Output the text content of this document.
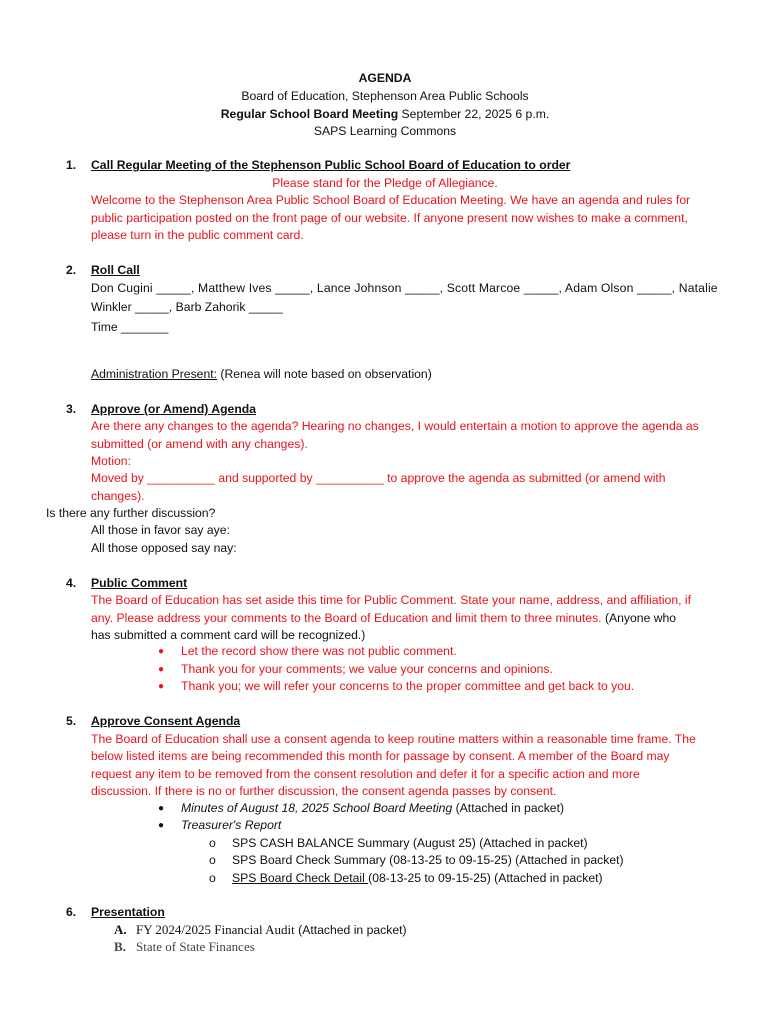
AGENDA
Board of Education, Stephenson Area Public Schools
Regular School Board Meeting September 22, 2025 6 p.m.
SAPS Learning Commons
1. Call Regular Meeting of the Stephenson Public School Board of Education to order
Please stand for the Pledge of Allegiance.
Welcome to the Stephenson Area Public School Board of Education Meeting. We have an agenda and rules for
public participation posted on the front page of our website. If anyone present now wishes to make a comment,
please turn in the public comment card.
2. Roll Call
Don Cugini _____, Matthew Ives _____, Lance Johnson _____, Scott Marcoe _____, Adam Olson _____, Natalie
Winkler _____, Barb Zahorik _____
Time _______
Administration Present: (Renea will note based on observation)
3. Approve (or Amend) Agenda
Are there any changes to the agenda? Hearing no changes, I would entertain a motion to approve the agenda as
submitted (or amend with any changes).
Motion:
Moved by __________ and supported by __________ to approve the agenda as submitted (or amend with
changes).
Is there any further discussion?
All those in favor say aye:
All those opposed say nay:
4. Public Comment
The Board of Education has set aside this time for Public Comment. State your name, address, and affiliation, if
any. Please address your comments to the Board of Education and limit them to three minutes. (Anyone who
has submitted a comment card will be recognized.)
● Let the record show there was not public comment.
● Thank you for your comments; we value your concerns and opinions.
● Thank you; we will refer your concerns to the proper committee and get back to you.
5. Approve Consent Agenda
The Board of Education shall use a consent agenda to keep routine matters within a reasonable time frame. The
below listed items are being recommended this month for passage by consent. A member of the Board may
request any item to be removed from the consent resolution and defer it for a specific action and more
discussion. If there is no or further discussion, the consent agenda passes by consent.
● Minutes of August 18, 2025 School Board Meeting (Attached in packet)
● Treasurer's Report
o SPS CASH BALANCE Summary (August 25) (Attached in packet)
o SPS Board Check Summary (08-13-25 to 09-15-25) (Attached in packet)
o SPS Board Check Detail (08-13-25 to 09-15-25) (Attached in packet)
6. Presentation
A. FY 2024/2025 Financial Audit (Attached in packet)
B. State of State Finances
